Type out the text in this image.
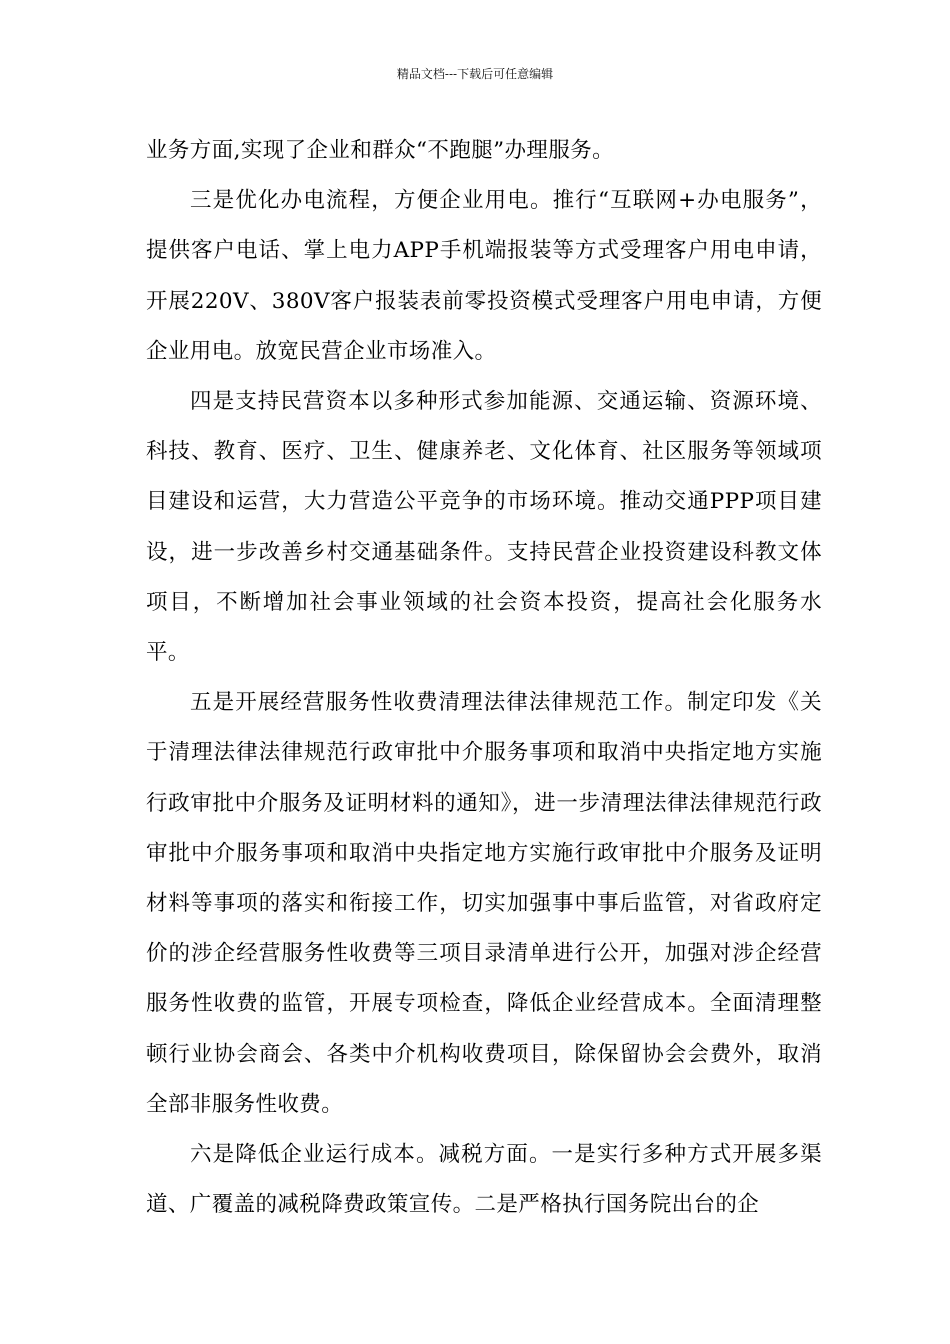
精品文档---下载后可任意编辑

业务方面,实现了企业和群众“不跑腿”办理服务。

三是优化办电流程，方便企业用电。推行“互联网+办电服务”，提供客户电话、掌上电力APP手机端报装等方式受理客户用电申请，开展220V、380V客户报装表前零投资模式受理客户用电申请，方便企业用电。放宽民营企业市场准入。

四是支持民营资本以多种形式参加能源、交通运输、资源环境、科技、教育、医疗、卫生、健康养老、文化体育、社区服务等领域项目建设和运营，大力营造公平竞争的市场环境。推动交通PPP项目建设，进一步改善乡村交通基础条件。支持民营企业投资建设科教文体项目，不断增加社会事业领域的社会资本投资，提高社会化服务水平。

五是开展经营服务性收费清理法律法律规范工作。制定印发《关于清理法律法律规范行政审批中介服务事项和取消中央指定地方实施行政审批中介服务及证明材料的通知》，进一步清理法律法律规范行政审批中介服务事项和取消中央指定地方实施行政审批中介服务及证明材料等事项的落实和衔接工作，切实加强事中事后监管，对省政府定价的涉企经营服务性收费等三项目录清单进行公开，加强对涉企经营服务性收费的监管，开展专项检查，降低企业经营成本。全面清理整顿行业协会商会、各类中介机构收费项目，除保留协会会费外，取消全部非服务性收费。

六是降低企业运行成本。减税方面。一是实行多种方式开展多渠道、广覆盖的减税降费政策宣传。二是严格执行国务院出台的企
